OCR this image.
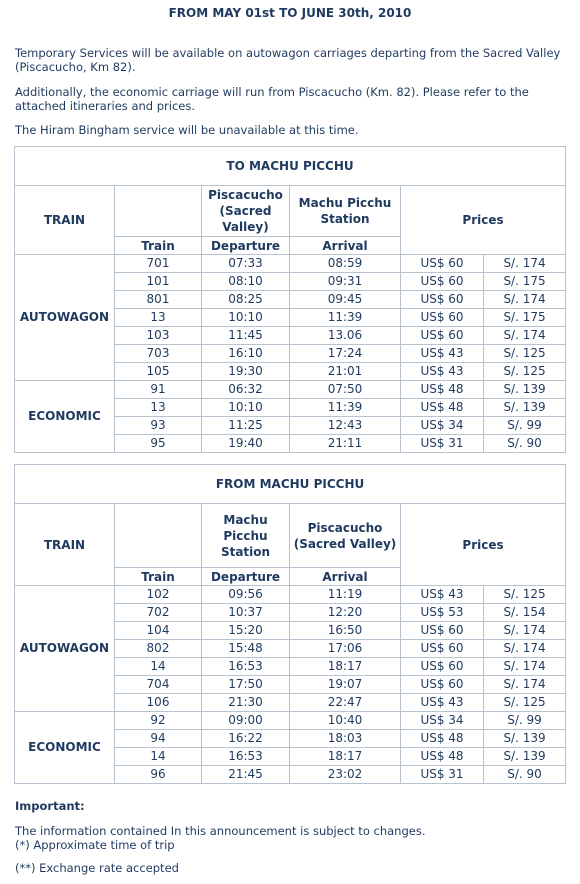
FROM MAY 01st TO JUNE 30th, 2010
Temporary Services will be available on autowagon carriages departing from the Sacred Valley (Piscacucho, Km 82).
Additionally, the economic carriage will run from Piscacucho (Km. 82). Please refer to the attached itineraries and prices.
The Hiram Bingham service will be unavailable at this time.
TO MACHU PICCHU					
TRAIN		Piscacucho (Sacred Valley)	Machu Picchu Station	Prices	
	Train	Departure	Arrival		
AUTOWAGON	701	07:33	08:59	US$ 60	S/. 174
	101	08:10	09:31	US$ 60	S/. 175
	801	08:25	09:45	US$ 60	S/. 174
	13	10:10	11:39	US$ 60	S/. 175
	103	11:45	13.06	US$ 60	S/. 174
	703	16:10	17:24	US$ 43	S/. 125
	105	19:30	21:01	US$ 43	S/. 125
ECONOMIC	91	06:32	07:50	US$ 48	S/. 139
	13	10:10	11:39	US$ 48	S/. 139
	93	11:25	12:43	US$ 34	S/. 99
	95	19:40	21:11	US$ 31	S/. 90
FROM MACHU PICCHU					
TRAIN		Machu Picchu Station	Piscacucho (Sacred Valley)	Prices	
	Train	Departure	Arrival		
AUTOWAGON	102	09:56	11:19	US$ 43	S/. 125
	702	10:37	12:20	US$ 53	S/. 154
	104	15:20	16:50	US$ 60	S/. 174
	802	15:48	17:06	US$ 60	S/. 174
	14	16:53	18:17	US$ 60	S/. 174
	704	17:50	19:07	US$ 60	S/. 174
	106	21:30	22:47	US$ 43	S/. 125
ECONOMIC	92	09:00	10:40	US$ 34	S/. 99
	94	16:22	18:03	US$ 48	S/. 139
	14	16:53	18:17	US$ 48	S/. 139
	96	21:45	23:02	US$ 31	S/. 90
Important:
The information contained In this announcement is subject to changes.
(*) Approximate time of trip
(**) Exchange rate accepted
